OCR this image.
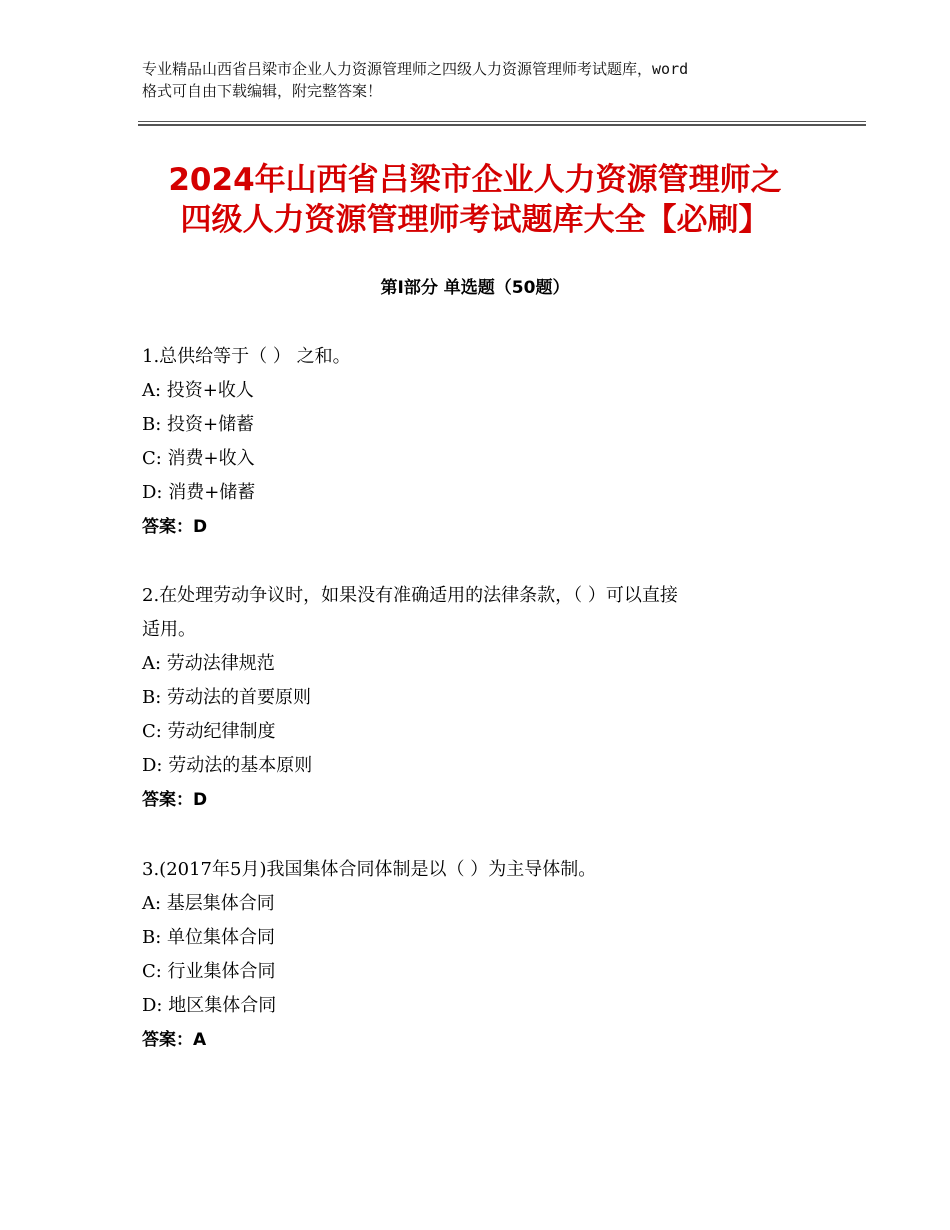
专业精品山西省吕梁市企业人力资源管理师之四级人力资源管理师考试题库，word
格式可自由下载编辑，附完整答案！
2024年山西省吕梁市企业人力资源管理师之
四级人力资源管理师考试题库大全【必刷】
第Ⅰ部分 单选题（50题）
1.总供给等于（ ） 之和。
A: 投资+收人
B: 投资+储蓄
C: 消费+收入
D: 消费+储蓄
答案：D
2.在处理劳动争议时，如果没有准确适用的法律条款，（ ）可以直接
适用。
A: 劳动法律规范
B: 劳动法的首要原则
C: 劳动纪律制度
D: 劳动法的基本原则
答案：D
3.(2017年5月)我国集体合同体制是以（ ）为主导体制。
A: 基层集体合同
B: 单位集体合同
C: 行业集体合同
D: 地区集体合同
答案：A
